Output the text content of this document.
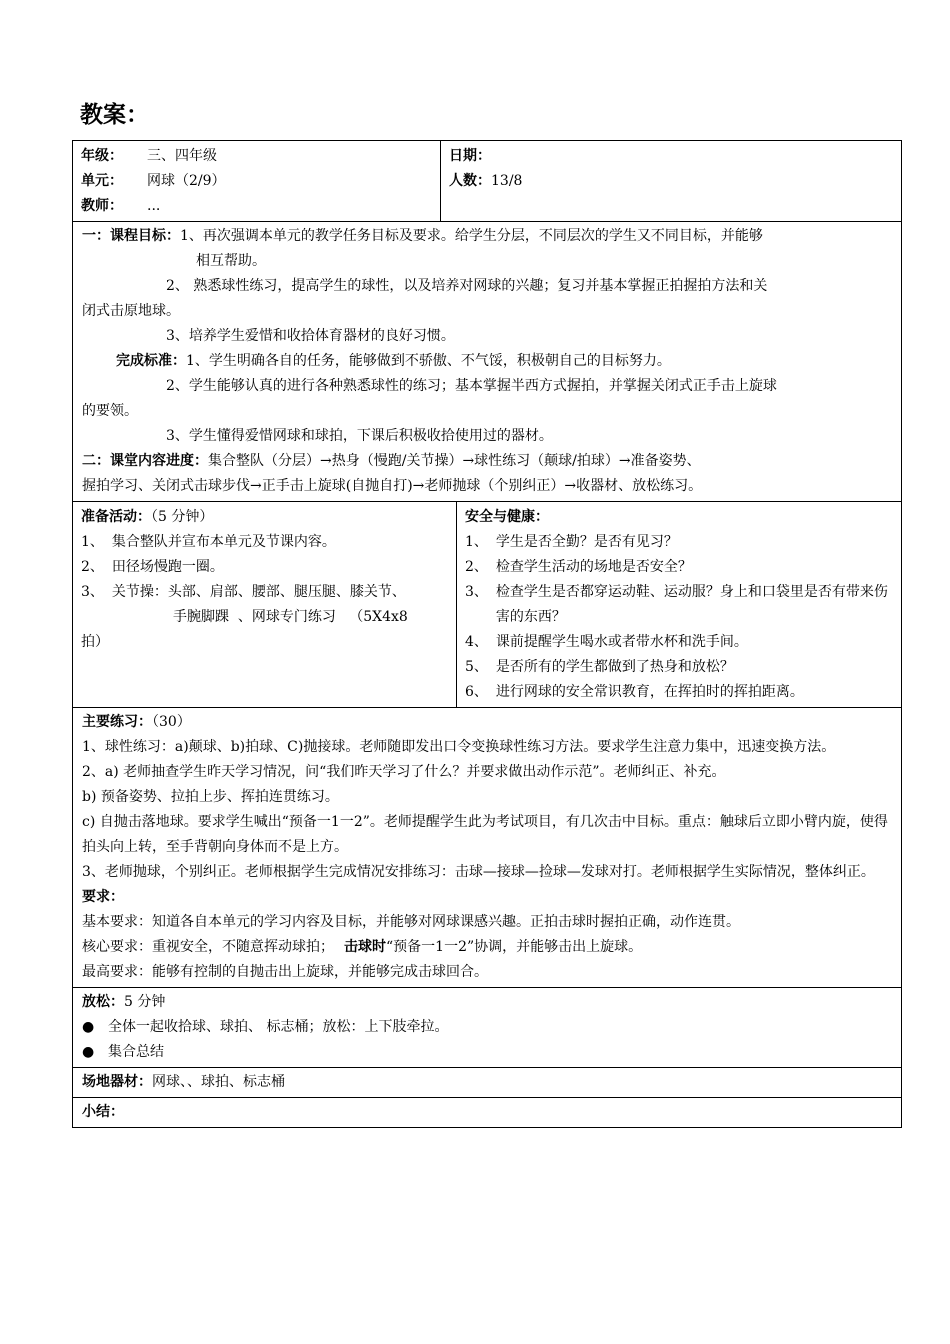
教案：
年级：	三、四年级
单元：	网球（2/9）
教师：	...
日期：
人数：13/8
一：课程目标：1、再次强调本单元的教学任务目标及要求。给学生分层，不同层次的学生又不同目标，并能够
相互帮助。
2、 熟悉球性练习，提高学生的球性，以及培养对网球的兴趣；复习并基本掌握正拍握拍方法和关
闭式击原地球。
3、培养学生爱惜和收拾体育器材的良好习惯。
完成标准：1、学生明确各自的任务，能够做到不骄傲、不气馁，积极朝自己的目标努力。
2、学生能够认真的进行各种熟悉球性的练习；基本掌握半西方式握拍，并掌握关闭式正手击上旋球
的要领。
3、学生懂得爱惜网球和球拍，下课后积极收拾使用过的器材。
二：课堂内容进度：集合整队（分层）→热身（慢跑/关节操）→球性练习（颠球/拍球）→准备姿势、
握拍学习、关闭式击球步伐→正手击上旋球(自抛自打)→老师抛球（个别纠正）→收器材、放松练习。
准备活动：（5 分钟）
1、 集合整队并宣布本单元及节课内容。
2、 田径场慢跑一圈。
3、 关节操：头部、肩部、腰部、腿压腿、膝关节、
手腕脚踝  、网球专门练习   （5X4x8
拍）
安全与健康：
1、 学生是否全勤？是否有见习？
2、 检查学生活动的场地是否安全？
3、 检查学生是否都穿运动鞋、运动服？身上和口袋里是否有带来伤害的东西？
4、 课前提醒学生喝水或者带水杯和洗手间。
5、 是否所有的学生都做到了热身和放松？
6、 进行网球的安全常识教育，在挥拍时的挥拍距离。
主要练习：（30）
1、球性练习：a)颠球、b)拍球、C)抛接球。老师随即发出口令变换球性练习方法。要求学生注意力集中，迅速变换方法。
2、a) 老师抽查学生昨天学习情况，问“我们昨天学习了什么？并要求做出动作示范”。老师纠正、补充。
b) 预备姿势、拉拍上步、挥拍连贯练习。
c) 自抛击落地球。要求学生喊出“预备一1一2”。老师提醒学生此为考试项目，有几次击中目标。重点：触球后立即小臂内旋，使得拍头向上转，至手背朝向身体而不是上方。
3、老师抛球，个别纠正。老师根据学生完成情况安排练习：击球—接球—捡球—发球对打。老师根据学生实际情况，整体纠正。
要求：
基本要求：知道各自本单元的学习内容及目标，并能够对网球课感兴趣。正拍击球时握拍正确，动作连贯。
核心要求：重视安全，不随意挥动球拍； 击球时“预备一1一2”协调，并能够击出上旋球。
最高要求：能够有控制的自抛击出上旋球，并能够完成击球回合。
放松：5 分钟
● 全体一起收拾球、球拍、 标志桶；放松：上下肢牵拉。
● 集合总结
场地器材：网球、、球拍、标志桶
小结：
